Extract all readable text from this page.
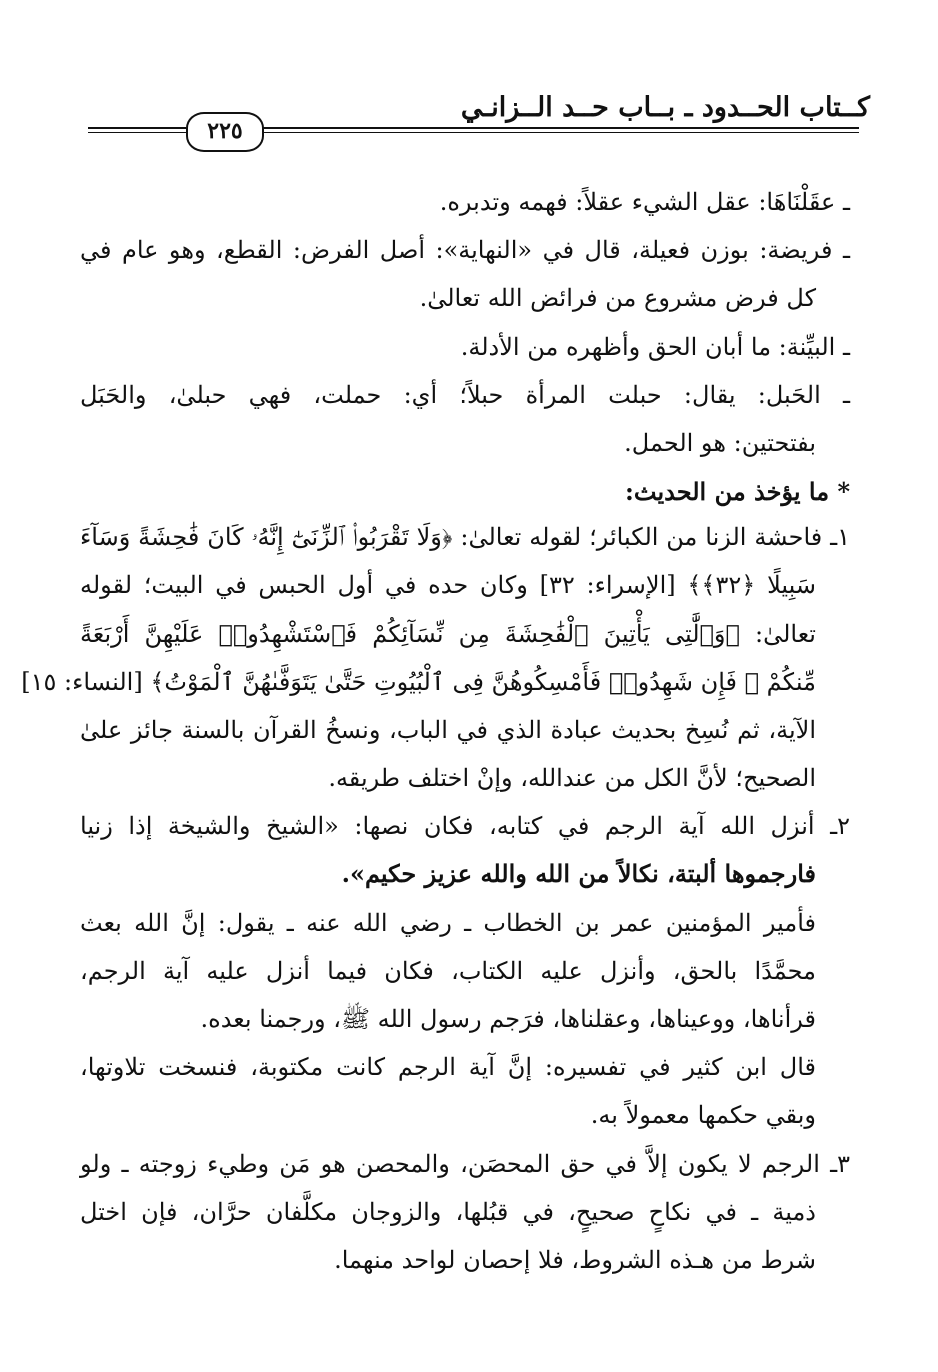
كــتاب الحــدود ـ بــاب حــد الــزانـي
٢٢٥
ـ عقَلْنَاهَا: عقل الشيء عقلاً: فهمه وتدبره.
ـ فريضة: بوزن فعيلة، قال في «النهاية»: أصل الفرض: القطع، وهو عام في
كل فرض مشروع من فرائض الله تعالىٰ.
ـ البيِّنة: ما أبان الحق وأظهره من الأدلة.
ـ الحَبل: يقال: حبلت المرأة حبلاً؛ أي: حملت، فهي حبلىٰ، والحَبَل
بفتحتين: هو الحمل.
* ما يؤخذ من الحديث:
١ـ فاحشة الزنا من الكبائر؛ لقوله تعالىٰ: ﴿وَلَا تَقْرَبُوا۟ ٱلزِّنَىٰٓ إِنَّهُۥ كَانَ فَٰحِشَةً وَسَآءَ
سَبِيلًا ﴿٣٢﴾﴾ [الإسراء: ٣٢] وكان حده في أول الحبس في البيت؛ لقوله
تعالىٰ: ﴿وَٱلَّٰتِى يَأْتِينَ ٱلْفَٰحِشَةَ مِن نِّسَآئِكُمْ فَٱسْتَشْهِدُوا۟ عَلَيْهِنَّ أَرْبَعَةً
مِّنكُمْ ۖ فَإِن شَهِدُوا۟ فَأَمْسِكُوهُنَّ فِى ٱلْبُيُوتِ حَتَّىٰ يَتَوَفَّىٰهُنَّ ٱلْمَوْتُ﴾ [النساء: ١٥]
الآية، ثم نُسِخ بحديث عبادة الذي في الباب، ونسخُ القرآن بالسنة جائز علىٰ
الصحيح؛ لأنَّ الكل من عندالله، وإنْ اختلف طريقه.
٢ـ أنزل الله آية الرجم في كتابه، فكان نصها: «الشيخ والشيخة إذا زنيا
فارجموها ألبتة، نكالاً من الله والله عزيز حكيم».
فأمير المؤمنين عمر بن الخطاب ـ رضي الله عنه ـ يقول: إنَّ الله بعث
محمَّدًا بالحق، وأنزل عليه الكتاب، فكان فيما أنزل عليه آية الرجم،
قرأناها، ووعيناها، وعقلناها، فرَجم رسول الله ﷺ، ورجمنا بعده.
قال ابن كثير في تفسيره: إنَّ آية الرجم كانت مكتوبة، فنسخت تلاوتها،
وبقي حكمها معمولاً به.
٣ـ الرجم لا يكون إلاَّ في حق المحصَن، والمحصن هو مَن وطيء زوجته ـ ولو
ذمية ـ في نكاحٍ صحيحٍ، في قبُلها، والزوجان مكلَّفان حرَّان، فإن اختل
شرط من هـذه الشروط، فلا إحصان لواحد منهما.
